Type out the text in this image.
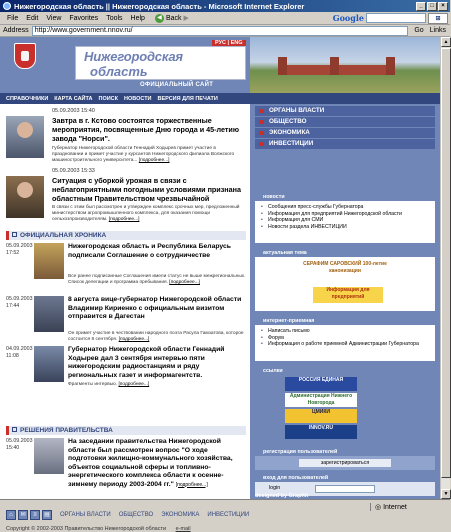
Нижегородская область || Нижегородская область - Microsoft Internet Explorer	_	□	×
File	Edit	View	Favorites	Tools	Help	◀ Back ▶	Google	⊞
Address http://www.government.nnov.ru/	Go Links
Нижегородская
область
РУС | ENG
ОФИЦИАЛЬНЫЙ САЙТ
СПРАВОЧНИКИ КАРТА САЙТА ПОИСК НОВОСТИ ВЕРСИЯ ДЛЯ ПЕЧАТИ
05.09.2003 15:40
Завтра в г. Кстово состоятся торжественные мероприятия, посвященные Дню города и 45-летию завода "Норси".
Губернатор Нижегородской области Геннадий Ходырев примет участие в праздновании и примет участие у курсантов Нижегородского филиала Волжского машиностроительного университета... [подробнее...]
05.09.2003 15:33
Ситуация с уборкой урожая в связи с неблагоприятными погодными условиями признана областным Правительством чрезвычайной
В связи с этим был рассмотрен и утвержден комплекс срочных мер, предложенный министерством агропромышленного комплекса, для оказания помощи сельхозпроизводителям. [подробнее...]
ОФИЦИАЛЬНАЯ ХРОНИКА
05.09.2003 17:52
Нижегородская область и Республика Беларусь подписали Соглашение о сотрудничестве
Все ранее подписанные Соглашения имели статус не выше межрегиональных. Список делегации и программа пребывания. [подробнее...]
05.09.2003 17:44
8 августа вице-губернатор Нижегородской области Владимир Кириенко с официальным визитом отправится в Дагестан
Он примет участие в чествовании народного поэта Расула Гамзатова, которое состоится 8 сентября. [подробнее...]
04.09.2003 11:08
Губернатор Нижегородской области Геннадий Ходырев дал 3 сентября интервью пяти нижегородским радиостанциям и ряду региональных газет и информагентств.
Фрагменты интервью. [подробнее...]
РЕШЕНИЯ ПРАВИТЕЛЬСТВА
05.09.2003 15:40
На заседании правительства Нижегородской области был рассмотрен вопрос "О ходе подготовки жилищно-коммунального хозяйства, объектов социальной сферы и топливно-энергетического комплекса области к осенне-зимнему периоду 2003-2004 гг." [подробнее...]
⌂	✉	≡	▤	ОРГАНЫ ВЛАСТИ ОБЩЕСТВО ЭКОНОМИКА ИНВЕСТИЦИИ
Copyright © 2002-2003 Правительство Нижегородской области e-mail
ОРГАНЫ ВЛАСТИ
ОБЩЕСТВО
ЭКОНОМИКА
ИНВЕСТИЦИИ
новости
• Сообщения пресс-службы Губернатора
• Информация для предприятий Нижегородской области
• Информация для СМИ
• Новости раздела ИНВЕСТИЦИИ
актуальная тема
СЕРАФИМ САРОВСКИЙ 100-летие канонизации
Информация для предприятий
интернет-приемная
• Написать письмо
• Форум
• Информация о работе приемной Администрации Губернатора
ссылки
РОССИЯ ЕДИНАЯ
Администрация Нижнего Новгорода
ЦМИКИ
INNOV.RU
регистрация пользователей
зарегистрироваться
вход для пользователей
login
designed by Graphit
▲
▼
◎ Internet
